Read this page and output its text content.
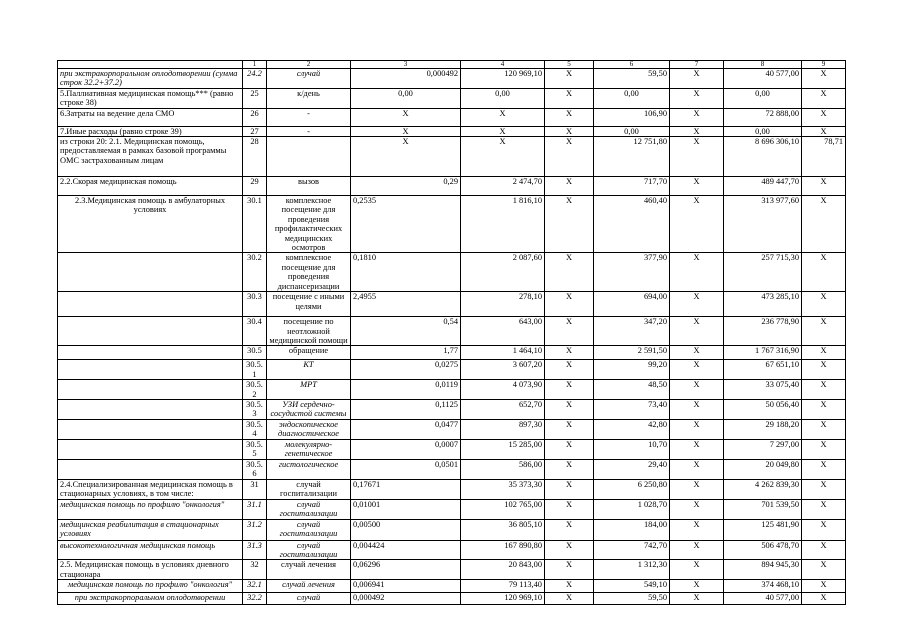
	1	2	3	4	5	6	7	8	9
при экстракорпоральном оплодотворении (сумма строк 32.2+37.2)	24.2	случай	0,000492	120 969,10	X	59,50	X	40 577,00	X
5.Паллиативная медицинская помощь*** (равно строке 38)	25	к/день	0,00	0,00	X	0,00	X	0,00	X
6.Затраты на ведение дела СМО	26	-	X	X	X	106,90	X	72 888,00	X
7.Иные расходы (равно строке 39)	27	-	X	X	X	0,00	X	0,00	X
из строки 20: 2.1. Медицинская помощь, предоставляемая в рамках базовой программы ОМС застрахованным лицам	28		X	X	X	12 751,80	X	8 696 306,10	78,71
2.2.Скорая медицинская помощь	29	вызов	0,29	2 474,70	X	717,70	X	489 447,70	X
2.3.Медицинская помощь в амбулаторных условиях	30.1	комплексное посещение для проведения профилактических медицинских осмотров	0,2535	1 816,10	X	460,40	X	313 977,60	X
	30.2	комплексное посещение для проведения диспансеризации	0,1810	2 087,60	X	377,90	X	257 715,30	X
	30.3	посещение с иными целями	2,4955	278,10	X	694,00	X	473 285,10	X
	30.4	посещение по неотложной медицинской помощи	0,54	643,00	X	347,20	X	236 778,90	X
	30.5	обращение	1,77	1 464,10	X	2 591,50	X	1 767 316,90	X
	30.5.1	КТ	0,0275	3 607,20	X	99,20	X	67 651,10	X
	30.5.2	МРТ	0,0119	4 073,90	X	48,50	X	33 075,40	X
	30.5.3	УЗИ сердечно-сосудистой системы	0,1125	652,70	X	73,40	X	50 056,40	X
	30.5.4	эндоскопическое диагностическое	0,0477	897,30	X	42,80	X	29 188,20	X
	30.5.5	молекулярно-генетическое	0,0007	15 285,00	X	10,70	X	7 297,00	X
	30.5.6	гистологическое	0,0501	586,00	X	29,40	X	20 049,80	X
2.4.Специализированная медицинская помощь в стационарных условиях, в том числе:	31	случай госпитализации	0,17671	35 373,30	X	6 250,80	X	4 262 839,30	X
медицинская помощь по профилю "онкология"	31.1	случай госпитализации	0,01001	102 765,00	X	1 028,70	X	701 539,50	X
медицинская реабилитация в стационарных условиях	31.2	случай госпитализации	0,00500	36 805,10	X	184,00	X	125 481,90	X
высокотехнологичная медицинская помощь	31.3	случай госпитализации	0,004424	167 890,80	X	742,70	X	506 478,70	X
2.5. Медицинская помощь в условиях дневного стационара	32	случай лечения	0,06296	20 843,00	X	1 312,30	X	894 945,30	X
медицинская помощь по профилю "онкология"	32.1	случай лечения	0,006941	79 113,40	X	549,10	X	374 468,10	X
при экстракорпоральном оплодотворении	32.2	случай	0,000492	120 969,10	X	59,50	X	40 577,00	X
